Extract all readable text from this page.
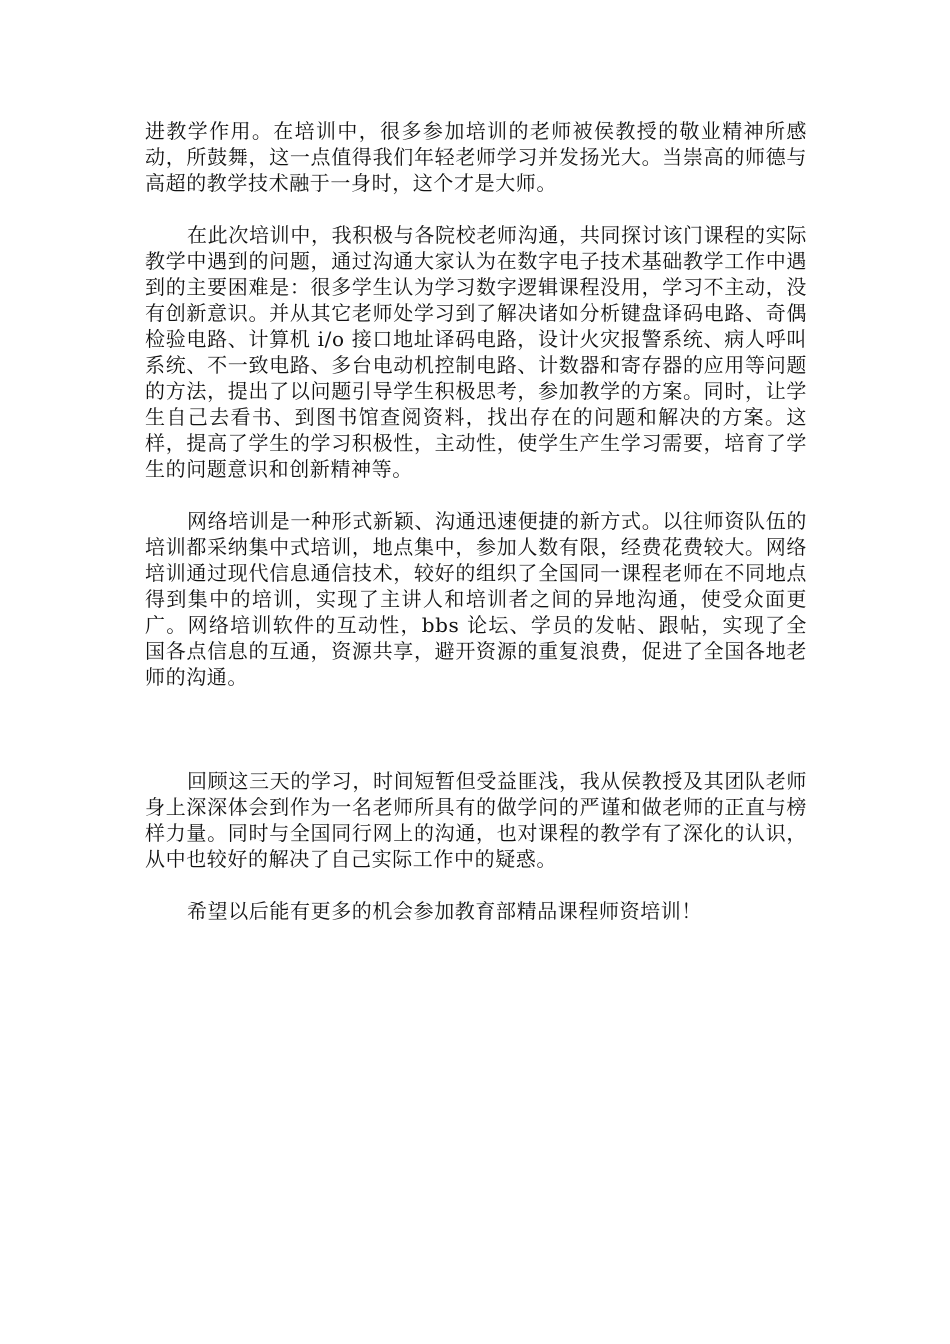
进教学作用。在培训中，很多参加培训的老师被侯教授的敬业精神所感动，所鼓舞，这一点值得我们年轻老师学习并发扬光大。当崇高的师德与高超的教学技术融于一身时，这个才是大师。

在此次培训中，我积极与各院校老师沟通，共同探讨该门课程的实际教学中遇到的问题，通过沟通大家认为在数字电子技术基础教学工作中遇到的主要困难是：很多学生认为学习数字逻辑课程没用，学习不主动，没有创新意识。并从其它老师处学习到了解决诸如分析键盘译码电路、奇偶检验电路、计算机 i/o 接口地址译码电路，设计火灾报警系统、病人呼叫系统、不一致电路、多台电动机控制电路、计数器和寄存器的应用等问题的方法，提出了以问题引导学生积极思考，参加教学的方案。同时，让学生自己去看书、到图书馆查阅资料，找出存在的问题和解决的方案。这样，提高了学生的学习积极性，主动性，使学生产生学习需要，培育了学生的问题意识和创新精神等。

网络培训是一种形式新颖、沟通迅速便捷的新方式。以往师资队伍的培训都采纳集中式培训，地点集中，参加人数有限，经费花费较大。网络培训通过现代信息通信技术，较好的组织了全国同一课程老师在不同地点得到集中的培训，实现了主讲人和培训者之间的异地沟通，使受众面更广。网络培训软件的互动性，bbs 论坛、学员的发帖、跟帖，实现了全国各点信息的互通，资源共享，避开资源的重复浪费，促进了全国各地老师的沟通。

回顾这三天的学习，时间短暂但受益匪浅，我从侯教授及其团队老师身上深深体会到作为一名老师所具有的做学问的严谨和做老师的正直与榜样力量。同时与全国同行网上的沟通，也对课程的教学有了深化的认识，从中也较好的解决了自己实际工作中的疑惑。

希望以后能有更多的机会参加教育部精品课程师资培训！
